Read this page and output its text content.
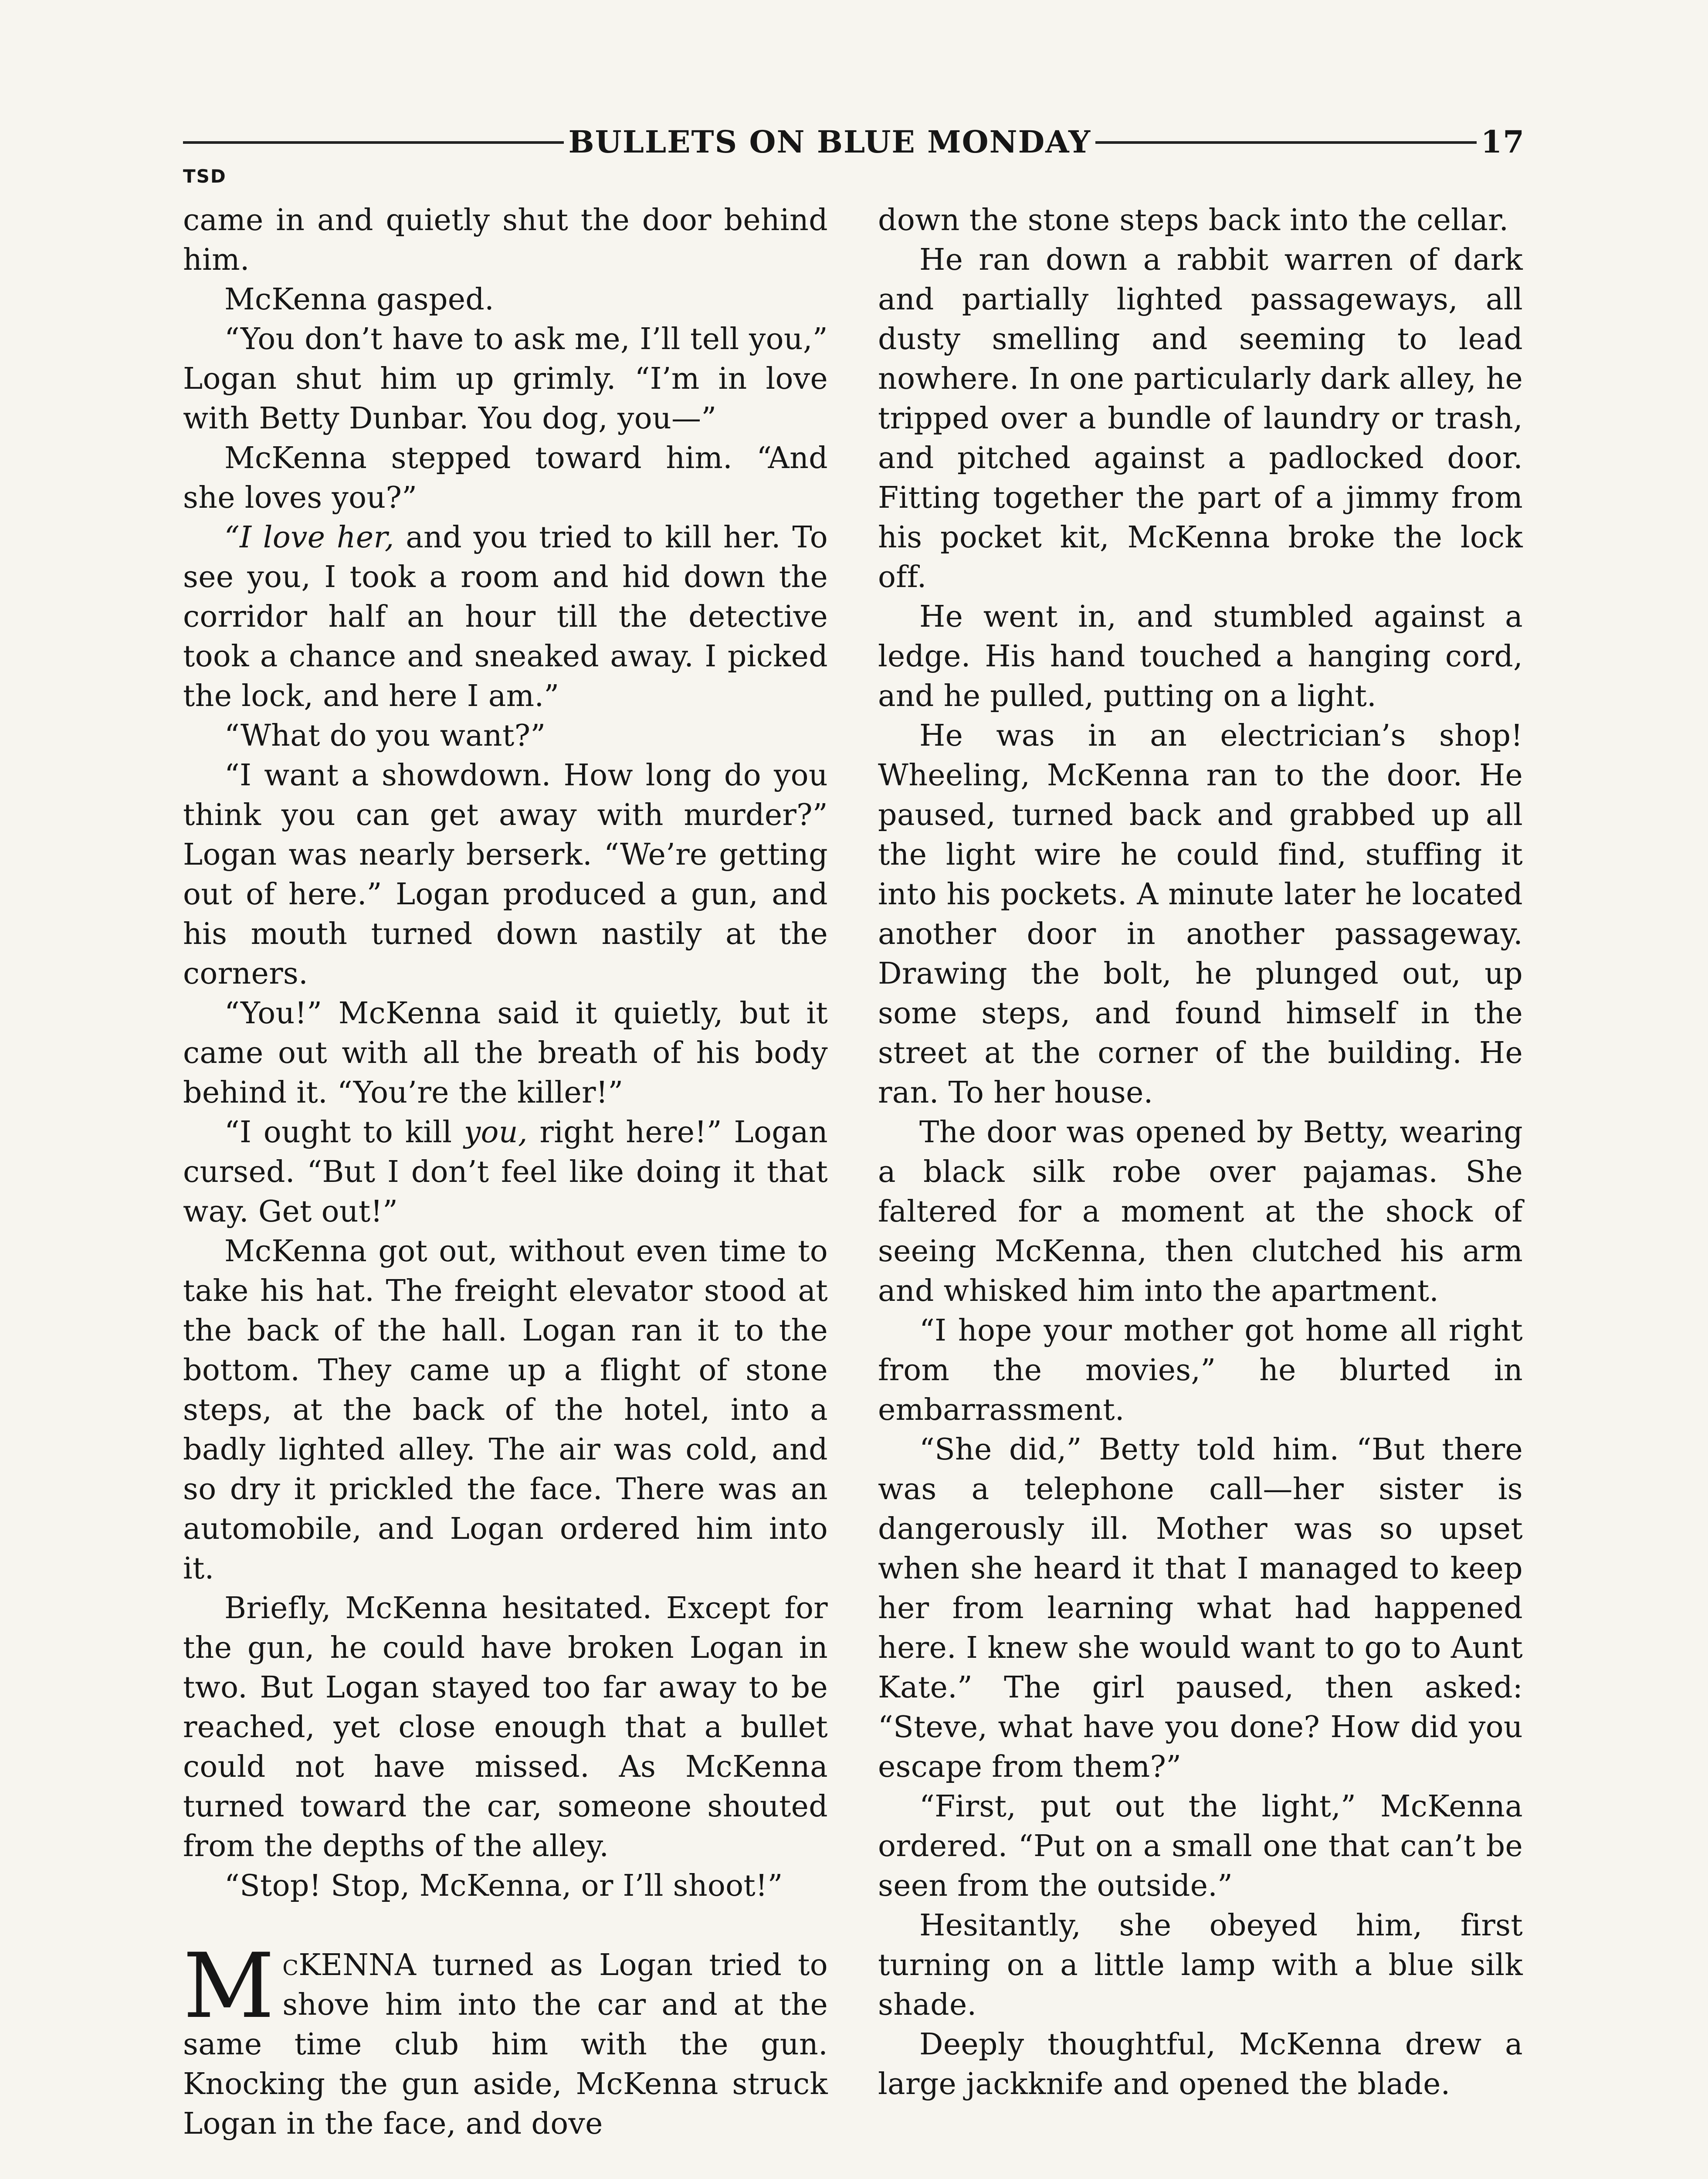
BULLETS ON BLUE MONDAY	17
TSD

came in and quietly shut the door behind him.

McKenna gasped.

“You don’t have to ask me, I’ll tell you,” Logan shut him up grimly. “I’m in love with Betty Dunbar. You dog, you—”

McKenna stepped toward him. “And she loves you?”

“I love her, and you tried to kill her. To see you, I took a room and hid down the corridor half an hour till the detective took a chance and sneaked away. I picked the lock, and here I am.”

“What do you want?”

“I want a showdown. How long do you think you can get away with murder?” Logan was nearly berserk. “We’re getting out of here.” Logan produced a gun, and his mouth turned down nastily at the corners.

“You!” McKenna said it quietly, but it came out with all the breath of his body behind it. “You’re the killer!”

“I ought to kill you, right here!” Logan cursed. “But I don’t feel like doing it that way. Get out!”

McKenna got out, without even time to take his hat. The freight elevator stood at the back of the hall. Logan ran it to the bottom. They came up a flight of stone steps, at the back of the hotel, into a badly lighted alley. The air was cold, and so dry it prickled the face. There was an automobile, and Logan ordered him into it.

Briefly, McKenna hesitated. Except for the gun, he could have broken Logan in two. But Logan stayed too far away to be reached, yet close enough that a bullet could not have missed. As McKenna turned toward the car, someone shouted from the depths of the alley.

“Stop! Stop, McKenna, or I’ll shoot!”

McKENNA turned as Logan tried to shove him into the car and at the same time club him with the gun. Knocking the gun aside, McKenna struck Logan in the face, and dove

down the stone steps back into the cellar.

He ran down a rabbit warren of dark and partially lighted passageways, all dusty smelling and seeming to lead nowhere. In one particularly dark alley, he tripped over a bundle of laundry or trash, and pitched against a padlocked door. Fitting together the part of a jimmy from his pocket kit, McKenna broke the lock off.

He went in, and stumbled against a ledge. His hand touched a hanging cord, and he pulled, putting on a light.

He was in an electrician’s shop! Wheeling, McKenna ran to the door. He paused, turned back and grabbed up all the light wire he could find, stuffing it into his pockets. A minute later he located another door in another passageway. Drawing the bolt, he plunged out, up some steps, and found himself in the street at the corner of the building. He ran. To her house.

The door was opened by Betty, wearing a black silk robe over pajamas. She faltered for a moment at the shock of seeing McKenna, then clutched his arm and whisked him into the apartment.

“I hope your mother got home all right from the movies,” he blurted in embarrassment.

“She did,” Betty told him. “But there was a telephone call—her sister is dangerously ill. Mother was so upset when she heard it that I managed to keep her from learning what had happened here. I knew she would want to go to Aunt Kate.” The girl paused, then asked: “Steve, what have you done? How did you escape from them?”

“First, put out the light,” McKenna ordered. “Put on a small one that can’t be seen from the outside.”

Hesitantly, she obeyed him, first turning on a little lamp with a blue silk shade.

Deeply thoughtful, McKenna drew a large jackknife and opened the blade.
